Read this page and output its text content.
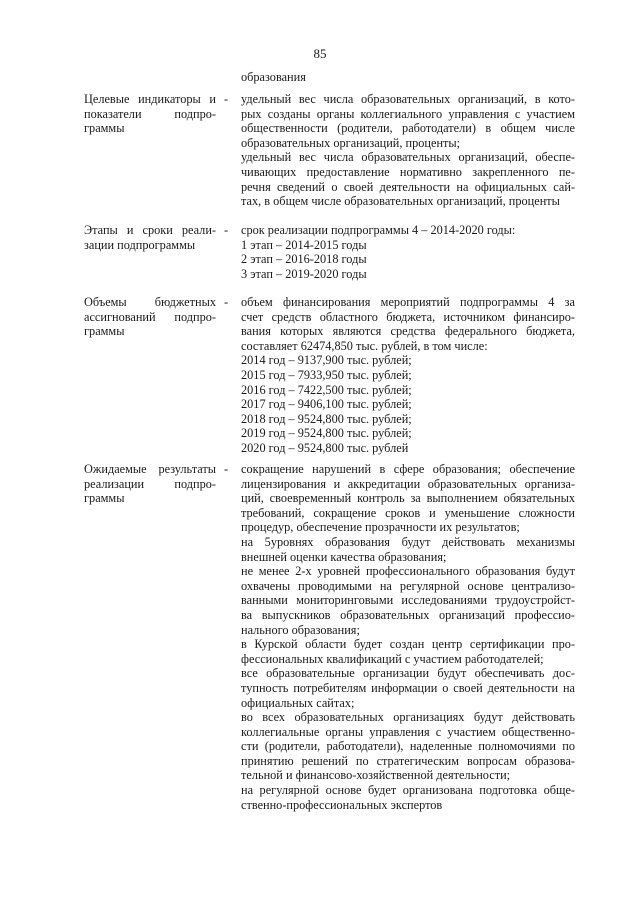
85
образования
Целевые индикаторы и
показатели подпро-
граммы
- удельный вес числа образовательных организаций, в кото-
рых созданы органы коллегиального управления с участием
общественности (родители, работодатели) в общем числе
образовательных организаций, проценты;
удельный вес числа образовательных организаций, обеспе-
чивающих предоставление нормативно закрепленного пе-
речня сведений о своей деятельности на официальных сай-
тах, в общем числе образовательных организаций, проценты
Этапы и сроки реали-
зации подпрограммы
- срок реализации подпрограммы 4 – 2014-2020 годы:
1 этап – 2014-2015 годы
2 этап – 2016-2018 годы
3 этап – 2019-2020 годы
Объемы бюджетных
ассигнований подпро-
граммы
- объем финансирования мероприятий подпрограммы 4 за
счет средств областного бюджета, источником финансиро-
вания которых являются средства федерального бюджета,
составляет 62474,850 тыс. рублей, в том числе:
2014 год – 9137,900 тыс. рублей;
2015 год – 7933,950 тыс. рублей;
2016 год – 7422,500 тыс. рублей;
2017 год – 9406,100 тыс. рублей;
2018 год – 9524,800 тыс. рублей;
2019 год – 9524,800 тыс. рублей;
2020 год – 9524,800 тыс. рублей
Ожидаемые результаты
реализации подпро-
граммы
- сокращение нарушений в сфере образования; обеспечение
лицензирования и аккредитации образовательных организа-
ций, своевременный контроль за выполнением обязательных
требований, сокращение сроков и уменьшение сложности
процедур, обеспечение прозрачности их результатов;
на 5уровнях образования будут действовать механизмы
внешней оценки качества образования;
не менее 2-х уровней профессионального образования будут
охвачены проводимыми на регулярной основе централизо-
ванными мониторинговыми исследованиями трудоустройст-
ва выпускников образовательных организаций профессио-
нального образования;
в Курской области будет создан центр сертификации про-
фессиональных квалификаций с участием работодателей;
все образовательные организации будут обеспечивать дос-
тупность потребителям информации о своей деятельности на
официальных сайтах;
во всех образовательных организациях будут действовать
коллегиальные органы управления с участием общественно-
сти (родители, работодатели), наделенные полномочиями по
принятию решений по стратегическим вопросам образова-
тельной и финансово-хозяйственной деятельности;
на регулярной основе будет организована подготовка обще-
ственно-профессиональных экспертов
